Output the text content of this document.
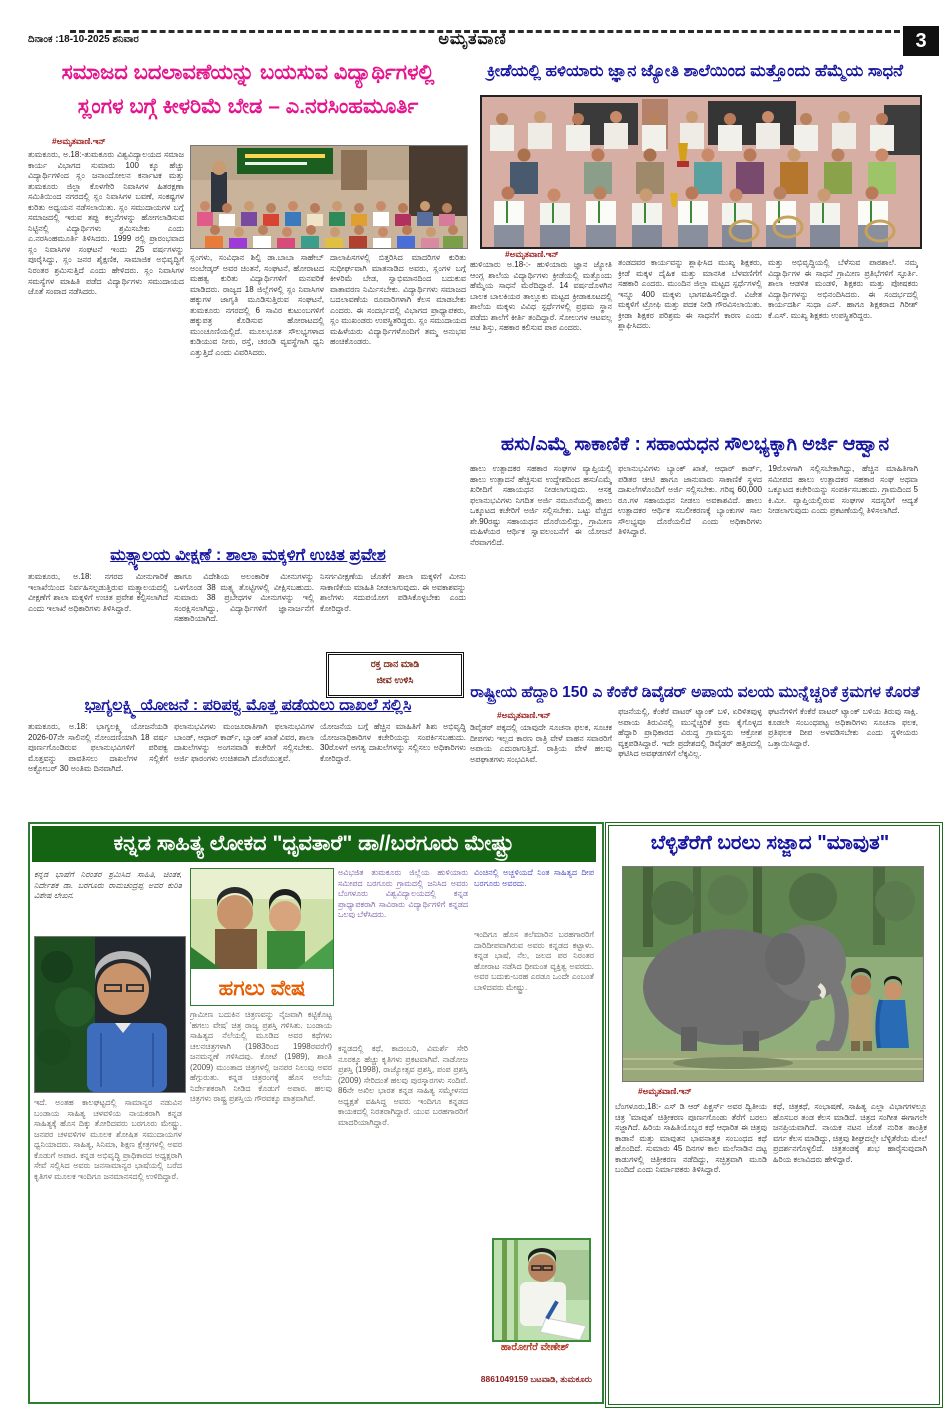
ದಿನಾಂಕ :18-10-2025 ಶನಿವಾರ	ಅಮೃತವಾಣಿ	3
ಸಮಾಜದ ಬದಲಾವಣೆಯನ್ನು ಬಯಸುವ ವಿದ್ಯಾರ್ಥಿಗಳಲ್ಲಿ
ಸ್ಲಂಗಳ ಬಗ್ಗೆ ಕೀಳರಿಮೆ ಬೇಡ – ಎ.ನರಸಿಂಹಮೂರ್ತಿ
#ಅಮೃತವಾಣಿ.ಇನ್
ತುಮಕೂರು, ಅ.18:-ತುಮಕೂರು ವಿಶ್ವವಿದ್ಯಾಲಯದ ಸಮಾಜ ಕಾರ್ಯ ವಿಭಾಗದ ಸುಮಾರು 100 ಕ್ಕೂ ಹೆಚ್ಚು ವಿದ್ಯಾರ್ಥಿಗಳಿಂದ ಸ್ಲಂ ಜನಾಂದೋಲನ ಕರ್ನಾಟಕ ಮತ್ತು ತುಮಕೂರು ಜಿಲ್ಲಾ ಕೊಳಗೇರಿ ನಿವಾಸಿಗಳ ಹಿತರಕ್ಷಣಾ ಸಮಿತಿಯಿಂದ ನಗರದಲ್ಲಿ ಸ್ಲಂ ನಿವಾಸಿಗಳ ಬವಣೆ, ಸಂಕಷ್ಟಗಳ ಕುರಿತು ಅಧ್ಯಯನ ನಡೆಸಲಾಯಿತು. ಸ್ಲಂ ಸಮುದಾಯಗಳ ಬಗ್ಗೆ ಸಮಾಜದಲ್ಲಿ ಇರುವ ತಪ್ಪು ಕಲ್ಪನೆಗಳನ್ನು ಹೋಗಲಾಡಿಸುವ ನಿಟ್ಟಿನಲ್ಲಿ ವಿದ್ಯಾರ್ಥಿಗಳು ಶ್ರಮಿಸಬೇಕು ಎಂದು ಎ.ನರಸಿಂಹಮೂರ್ತಿ ತಿಳಿಸಿದರು. 1999 ರಲ್ಲಿ ಪ್ರಾರಂಭವಾದ ಸ್ಲಂ ನಿವಾಸಿಗಳ ಸಂಘಟನೆ ಇಂದು 25 ವರ್ಷಗಳನ್ನು ಪೂರೈಸಿದ್ದು, ಸ್ಲಂ ಜನರ ಶೈಕ್ಷಣಿಕ, ಸಾಮಾಜಿಕ ಅಭಿವೃದ್ಧಿಗೆ ನಿರಂತರ ಶ್ರಮಿಸುತ್ತಿದೆ ಎಂದು ಹೇಳಿದರು. ಸ್ಲಂ ನಿವಾಸಿಗಳ ಸಮಸ್ಯೆಗಳ ಮಾಹಿತಿ ಪಡೆದ ವಿದ್ಯಾರ್ಥಿಗಳು ಸಮುದಾಯದ ಜೊತೆ ಸಂವಾದ ನಡೆಸಿದರು.
ಸ್ಲಂಗಳು, ಸಂವಿಧಾನ ಶಿಲ್ಪಿ ಡಾ.ಬಾಬಾ ಸಾಹೇಬ್ ಅಂಬೇಡ್ಕರ್ ಅವರ ಚಿಂತನೆ, ಸಂಘಟನೆ, ಹೋರಾಟದ ಮಹತ್ವ ಕುರಿತು ವಿದ್ಯಾರ್ಥಿಗಳಿಗೆ ಮನವರಿಕೆ ಮಾಡಿದರು. ರಾಜ್ಯದ 18 ಜಿಲ್ಲೆಗಳಲ್ಲಿ ಸ್ಲಂ ನಿವಾಸಿಗಳ ಹಕ್ಕುಗಳ ಜಾಗೃತಿ ಮೂಡಿಸುತ್ತಿರುವ ಸಂಘಟನೆ, ತುಮಕೂರು ನಗರದಲ್ಲಿ 6 ಸಾವಿರ ಕುಟುಂಬಗಳಿಗೆ ಹಕ್ಕುಪತ್ರ ಕೊಡಿಸುವ ಹೋರಾಟದಲ್ಲಿ ಮುಂಚೂಣಿಯಲ್ಲಿದೆ. ಮೂಲಭೂತ ಸೌಲಭ್ಯಗಳಾದ ಕುಡಿಯುವ ನೀರು, ರಸ್ತೆ, ಚರಂಡಿ ವ್ಯವಸ್ಥೆಗಾಗಿ ಧ್ವನಿ ಎತ್ತುತ್ತಿದೆ ಎಂದು ವಿವರಿಸಿದರು.
ದಾಲಾಪಿಸಗಳಲ್ಲಿ ಬಿತ್ತರಿಸಿದ ಮಾದರಿಗಳ ಕುರಿತು ಸುಧೀರ್ಘವಾಗಿ ಮಾತನಾಡಿದ ಅವರು, ಸ್ಲಂಗಳ ಬಗ್ಗೆ ಕೀಳರಿಮೆ ಬೇಡ, ಸ್ವಾಭಿಮಾನದಿಂದ ಬದುಕುವ ವಾತಾವರಣ ನಿರ್ಮಿಸಬೇಕು. ವಿದ್ಯಾರ್ಥಿಗಳು ಸಮಾಜದ ಬದಲಾವಣೆಯ ರೂವಾರಿಗಳಾಗಿ ಕೆಲಸ ಮಾಡಬೇಕು ಎಂದರು. ಈ ಸಂದರ್ಭದಲ್ಲಿ ವಿಭಾಗದ ಪ್ರಾಧ್ಯಾಪಕರು, ಸ್ಲಂ ಮುಖಂಡರು ಉಪಸ್ಥಿತರಿದ್ದರು. ಸ್ಲಂ ಸಮುದಾಯದ ಮಹಿಳೆಯರು ವಿದ್ಯಾರ್ಥಿಗಳೊಂದಿಗೆ ತಮ್ಮ ಅನುಭವ ಹಂಚಿಕೊಂಡರು.
ಕ್ರೀಡೆಯಲ್ಲಿ ಹಳಿಯಾರು ಜ್ಞಾನ ಜ್ಯೋತಿ ಶಾಲೆಯಿಂದ ಮತ್ತೊಂದು ಹೆಮ್ಮೆಯ ಸಾಧನೆ
#ಅಮೃತವಾಣಿ.ಇನ್
ಹುಳಿಯಾರು ಅ.18-:- ಹುಳಿಯಾರು ಜ್ಞಾನ ಜ್ಯೋತಿ ಆಂಗ್ಲ ಶಾಲೆಯ ವಿದ್ಯಾರ್ಥಿಗಳು ಕ್ರೀಡೆಯಲ್ಲಿ ಮತ್ತೊಂದು ಹೆಮ್ಮೆಯ ಸಾಧನೆ ಮೆರೆದಿದ್ದಾರೆ. 14 ವರ್ಷದೊಳಗಿನ ಬಾಲಕ ಬಾಲಕಿಯರ ತಾಲ್ಲೂಕು ಮಟ್ಟದ ಕ್ರೀಡಾಕೂಟದಲ್ಲಿ ಶಾಲೆಯ ಮಕ್ಕಳು ವಿವಿಧ ಸ್ಪರ್ಧೆಗಳಲ್ಲಿ ಪ್ರಥಮ ಸ್ಥಾನ ಪಡೆದು ಶಾಲೆಗೆ ಕೀರ್ತಿ ತಂದಿದ್ದಾರೆ. ಸೋಲುಗಳ ಆಟವಲ್ಲ ಆಟ ಶಿಸ್ತು, ಸಹಕಾರ ಕಲಿಸುವ ಪಾಠ ಎಂದರು.
ತಂಡದವರ ಕಾರ್ಯವನ್ನು ಶ್ಲಾಘಿಸಿದ ಮುಖ್ಯ ಶಿಕ್ಷಕರು, ಕ್ರೀಡೆ ಮಕ್ಕಳ ದೈಹಿಕ ಮತ್ತು ಮಾನಸಿಕ ಬೆಳವಣಿಗೆಗೆ ಸಹಕಾರಿ ಎಂದರು. ಮುಂದಿನ ಜಿಲ್ಲಾ ಮಟ್ಟದ ಸ್ಪರ್ಧೆಗಳಲ್ಲಿ ಇನ್ನೂ 400 ಮಕ್ಕಳು ಭಾಗವಹಿಸಲಿದ್ದಾರೆ. ವಿಜೇತ ಮಕ್ಕಳಿಗೆ ಟ್ರೋಫಿ ಮತ್ತು ಪದಕ ನೀಡಿ ಗೌರವಿಸಲಾಯಿತು. ಕ್ರೀಡಾ ಶಿಕ್ಷಕರ ಪರಿಶ್ರಮ ಈ ಸಾಧನೆಗೆ ಕಾರಣ ಎಂದು ಶ್ಲಾಘಿಸಿದರು.
ಮತ್ತು ಅಭಿವೃದ್ಧಿಯಲ್ಲಿ ಬೆಳೆಸುವ ಪಾಠಶಾಲೆ. ನಮ್ಮ ವಿದ್ಯಾರ್ಥಿಗಳ ಈ ಸಾಧನೆ ಗ್ರಾಮೀಣ ಪ್ರತಿಭೆಗಳಿಗೆ ಸ್ಫೂರ್ತಿ. ಶಾಲಾ ಆಡಳಿತ ಮಂಡಳಿ, ಶಿಕ್ಷಕರು ಮತ್ತು ಪೋಷಕರು ವಿದ್ಯಾರ್ಥಿಗಳನ್ನು ಅಭಿನಂದಿಸಿದರು. ಈ ಸಂದರ್ಭದಲ್ಲಿ ಕಾರ್ಯದರ್ಶಿ ಸುಧಾ ಎಸ್. ಹಾಗೂ ಶಿಕ್ಷಕರಾದ ಗಿರೀಶ್ ಕೆ.ಎಸ್. ಮುಖ್ಯ ಶಿಕ್ಷಕರು ಉಪಸ್ಥಿತರಿದ್ದರು.
ಹಸು/ಎಮ್ಮೆ ಸಾಕಾಣಿಕೆ : ಸಹಾಯಧನ ಸೌಲಭ್ಯಕ್ಕಾಗಿ ಅರ್ಜಿ ಆಹ್ವಾನ
ಹಾಲು ಉತ್ಪಾದಕರ ಸಹಕಾರ ಸಂಘಗಳ ವ್ಯಾಪ್ತಿಯಲ್ಲಿ ಹಾಲು ಉತ್ಪಾದನೆ ಹೆಚ್ಚಿಸುವ ಉದ್ದೇಶದಿಂದ ಹಸು/ಎಮ್ಮೆ ಖರೀದಿಗೆ ಸಹಾಯಧನ ನೀಡಲಾಗುವುದು. ಆಸಕ್ತ ಫಲಾನುಭವಿಗಳು ನಿಗದಿತ ಅರ್ಜಿ ನಮೂನೆಯಲ್ಲಿ ಹಾಲು ಒಕ್ಕೂಟದ ಕಚೇರಿಗೆ ಅರ್ಜಿ ಸಲ್ಲಿಸಬೇಕು. ಒಟ್ಟು ವೆಚ್ಚದ ಶೇ.90ರಷ್ಟು ಸಹಾಯಧನ ದೊರೆಯಲಿದ್ದು, ಗ್ರಾಮೀಣ ಮಹಿಳೆಯರ ಆರ್ಥಿಕ ಸ್ವಾವಲಂಬನೆಗೆ ಈ ಯೋಜನೆ ನೆರವಾಗಲಿದೆ.
ಫಲಾನುಭವಿಗಳು ಬ್ಯಾಂಕ್ ಖಾತೆ, ಆಧಾರ್ ಕಾರ್ಡ್, ಪಡಿತರ ಚೀಟಿ ಹಾಗೂ ಜಾನುವಾರು ಸಾಕಾಣಿಕೆ ಸ್ಥಳದ ದಾಖಲೆಗಳೊಂದಿಗೆ ಅರ್ಜಿ ಸಲ್ಲಿಸಬೇಕು. ಗರಿಷ್ಠ 60,000 ರೂ.ಗಳ ಸಹಾಯಧನ ನೀಡಲು ಅವಕಾಶವಿದೆ. ಹಾಲು ಉತ್ಪಾದಕರ ಆರ್ಥಿಕ ಸಬಲೀಕರಣಕ್ಕೆ ಬ್ಯಾಂಕುಗಳ ಸಾಲ ಸೌಲಭ್ಯವೂ ದೊರೆಯಲಿದೆ ಎಂದು ಅಧಿಕಾರಿಗಳು ತಿಳಿಸಿದ್ದಾರೆ.
19ರೊಳಗಾಗಿ ಸಲ್ಲಿಸಬೇಕಾಗಿದ್ದು, ಹೆಚ್ಚಿನ ಮಾಹಿತಿಗಾಗಿ ಸಮೀಪದ ಹಾಲು ಉತ್ಪಾದಕರ ಸಹಕಾರ ಸಂಘ ಅಥವಾ ಒಕ್ಕೂಟದ ಕಚೇರಿಯನ್ನು ಸಂಪರ್ಕಿಸಬಹುದು. ಗ್ರಾಮದಿಂದ 5 ಕಿ.ಮೀ. ವ್ಯಾಪ್ತಿಯಲ್ಲಿರುವ ಸಂಘಗಳ ಸದಸ್ಯರಿಗೆ ಆದ್ಯತೆ ನೀಡಲಾಗುವುದು ಎಂದು ಪ್ರಕಟಣೆಯಲ್ಲಿ ತಿಳಿಸಲಾಗಿದೆ.
ಮತ್ಸ್ಯಾಲಯ ವೀಕ್ಷಣೆ : ಶಾಲಾ ಮಕ್ಕಳಿಗೆ ಉಚಿತ ಪ್ರವೇಶ
ತುಮಕೂರು, ಅ.18: ನಗರದ ಮೀನುಗಾರಿಕೆ ಇಲಾಖೆಯಿಂದ ನಿರ್ವಹಿಸಲ್ಪಡುತ್ತಿರುವ ಮತ್ಸ್ಯಾಲಯದಲ್ಲಿ ವೀಕ್ಷಣೆಗೆ ಶಾಲಾ ಮಕ್ಕಳಿಗೆ ಉಚಿತ ಪ್ರವೇಶ ಕಲ್ಪಿಸಲಾಗಿದೆ ಎಂದು ಇಲಾಖೆ ಅಧಿಕಾರಿಗಳು ತಿಳಿಸಿದ್ದಾರೆ.
ಹಾಗೂ ವಿದೇಶಿಯ ಅಲಂಕಾರಿಕ ಮೀನುಗಳನ್ನು ಒಳಗೊಂಡ 38 ಮತ್ಸ್ಯ ತೊಟ್ಟಿಗಳಲ್ಲಿ ವೀಕ್ಷಿಸಬಹುದು. ಸುಮಾರು 38 ಪ್ರಬೇಧಗಳ ಮೀನುಗಳನ್ನು ಇಲ್ಲಿ ಸಂರಕ್ಷಿಸಲಾಗಿದ್ದು, ವಿದ್ಯಾರ್ಥಿಗಳಿಗೆ ಜ್ಞಾನಾರ್ಜನೆಗೆ ಸಹಕಾರಿಯಾಗಿದೆ.
ನಿಸರ್ಗವೀಕ್ಷಣೆಯ ಜೊತೆಗೆ ಶಾಲಾ ಮಕ್ಕಳಿಗೆ ಮೀನು ಸಾಕಾಣಿಕೆಯ ಮಾಹಿತಿ ನೀಡಲಾಗುವುದು. ಈ ಅವಕಾಶವನ್ನು ಶಾಲೆಗಳು ಸದುಪಯೋಗ ಪಡಿಸಿಕೊಳ್ಳಬೇಕು ಎಂದು ಕೋರಿದ್ದಾರೆ.
ರಕ್ತ ದಾನ ಮಾಡಿ
ಜೀವ ಉಳಿಸಿ
ಭಾಗ್ಯಲಕ್ಷ್ಮಿ ಯೋಜನೆ : ಪರಿಪಕ್ವ ಮೊತ್ತ ಪಡೆಯಲು ದಾಖಲೆ ಸಲ್ಲಿಸಿ
ತುಮಕೂರು, ಅ.18: ಭಾಗ್ಯಲಕ್ಷ್ಮಿ ಯೋಜನೆಯಡಿ 2026-07ನೇ ಸಾಲಿನಲ್ಲಿ ನೋಂದಣಿಯಾಗಿ 18 ವರ್ಷ ಪೂರ್ಣಗೊಂಡಿರುವ ಫಲಾನುಭವಿಗಳಿಗೆ ಪರಿಪಕ್ವ ಮೊತ್ತವನ್ನು ಪಾವತಿಸಲು ದಾಖಲೆಗಳ ಸಲ್ಲಿಕೆಗೆ ಅಕ್ಟೋಬರ್ 30 ಅಂತಿಮ ದಿನವಾಗಿದೆ.
ಫಲಾನುಭವಿಗಳು ಮಂಜೂರಾತಿಗಾಗಿ ಫಲಾನುಭವಿಗಳ ಬಾಂಡ್, ಆಧಾರ್ ಕಾರ್ಡ್, ಬ್ಯಾಂಕ್ ಖಾತೆ ವಿವರ, ಶಾಲಾ ದಾಖಲೆಗಳನ್ನು ಅಂಗನವಾಡಿ ಕಚೇರಿಗೆ ಸಲ್ಲಿಸಬೇಕು. ಅರ್ಜಿ ಫಾರಂಗಳು ಉಚಿತವಾಗಿ ದೊರೆಯುತ್ತವೆ.
ಯೋಜನೆಯ ಬಗ್ಗೆ ಹೆಚ್ಚಿನ ಮಾಹಿತಿಗೆ ಶಿಶು ಅಭಿವೃದ್ಧಿ ಯೋಜನಾಧಿಕಾರಿಗಳ ಕಚೇರಿಯನ್ನು ಸಂಪರ್ಕಿಸಬಹುದು. 30ರೊಳಗೆ ಅಗತ್ಯ ದಾಖಲೆಗಳನ್ನು ಸಲ್ಲಿಸಲು ಅಧಿಕಾರಿಗಳು ಕೋರಿದ್ದಾರೆ.
ರಾಷ್ಟ್ರೀಯ ಹೆದ್ದಾರಿ 150 ಎ ಕೆಂಕೆರೆ ಡಿವೈಡರ್ ಅಪಾಯ ವಲಯ ಮುನ್ನೆಚ್ಚರಿಕೆ ಕ್ರಮಗಳ ಕೊರತೆ
#ಅಮೃತವಾಣಿ.ಇನ್
ಡಿವೈಡರ್ ಪಕ್ಕದಲ್ಲಿ ಯಾವುದೇ ಸೂಚನಾ ಫಲಕ, ಸೂಚಕ ದೀಪಗಳು ಇಲ್ಲದ ಕಾರಣ ರಾತ್ರಿ ವೇಳೆ ವಾಹನ ಸವಾರರಿಗೆ ಅಪಾಯ ಎದುರಾಗುತ್ತಿದೆ. ರಾತ್ರಿಯ ವೇಳೆ ಹಲವು ಅಪಘಾತಗಳು ಸಂಭವಿಸಿವೆ.
ಫಜನೆಯಲ್ಲಿ, ಕೆಂಕೆರೆ ವಾಟರ್ ಟ್ಯಾಂಕ್ ಬಳಿ, ಏರಿಳಿತವುಳ್ಳ ಅಪಾಯ ತಿರುವಿನಲ್ಲಿ ಮುನ್ನೆಚ್ಚರಿಕೆ ಕ್ರಮ ಕೈಗೊಳ್ಳದ ಹೆದ್ದಾರಿ ಪ್ರಾಧಿಕಾರದ ವಿರುದ್ಧ ಗ್ರಾಮಸ್ಥರು ಆಕ್ರೋಶ ವ್ಯಕ್ತಪಡಿಸಿದ್ದಾರೆ. ಇದೇ ಪ್ರದೇಶದಲ್ಲಿ ಡಿವೈಡರ್ ಹತ್ತಿರದಲ್ಲಿ ಘಟಿಸಿದ ಅವಘಡಗಳಿಗೆ ಲೆಕ್ಕವಿಲ್ಲ.
ಘಟನೆಗಳಿಗೆ ಕೆಂಕೆರೆ ವಾಟರ್ ಟ್ಯಾಂಕ್ ಬಳಿಯ ತಿರುವು ಸಾಕ್ಷಿ. ಕೂಡಲೇ ಸಂಬಂಧಪಟ್ಟ ಅಧಿಕಾರಿಗಳು ಸೂಚನಾ ಫಲಕ, ಪ್ರತಿಫಲಕ ದೀಪ ಅಳವಡಿಸಬೇಕು ಎಂದು ಸ್ಥಳೀಯರು ಒತ್ತಾಯಿಸಿದ್ದಾರೆ.
ಕನ್ನಡ ಸಾಹಿತ್ಯ ಲೋಕದ "ಧೃವತಾರೆ" ಡಾ//ಬರಗೂರು ಮೇಷ್ಟ್ರು
ಕನ್ನಡ ಭಾಷೆಗೆ ನಿರಂತರ ಶ್ರಮಿಸಿದ ಸಾಹಿತಿ, ಚಿಂತಕ, ನಿರ್ದೇಶಕ ಡಾ. ಬರಗೂರು ರಾಮಚಂದ್ರಪ್ಪ ಅವರ ಕುರಿತ ವಿಶೇಷ ಲೇಖನ.
ಇದೆ. ಅಂತಹ ಕಾಲಘಟ್ಟದಲ್ಲಿ ಸಾಮಾನ್ಯರ ನಡುವಿನ ಬಂಡಾಯ ಸಾಹಿತ್ಯ ಚಳವಳಿಯ ನಾಯಕರಾಗಿ ಕನ್ನಡ ಸಾಹಿತ್ಯಕ್ಕೆ ಹೊಸ ದಿಕ್ಕು ತೋರಿದವರು ಬರಗೂರು ಮೇಷ್ಟ್ರು. ಜನಪರ ಚಳವಳಿಗಳ ಮೂಲಕ ಶೋಷಿತ ಸಮುದಾಯಗಳ ಧ್ವನಿಯಾದರು. ಸಾಹಿತ್ಯ, ಸಿನಿಮಾ, ಶಿಕ್ಷಣ ಕ್ಷೇತ್ರಗಳಲ್ಲಿ ಅವರ ಕೊಡುಗೆ ಅಪಾರ. ಕನ್ನಡ ಅಭಿವೃದ್ಧಿ ಪ್ರಾಧಿಕಾರದ ಅಧ್ಯಕ್ಷರಾಗಿ ಸೇವೆ ಸಲ್ಲಿಸಿದ ಅವರು ಜನಸಾಮಾನ್ಯರ ಭಾಷೆಯಲ್ಲಿ ಬರೆದ ಕೃತಿಗಳ ಮೂಲಕ ಇಂದಿಗೂ ಜನಮಾನಸದಲ್ಲಿ ಉಳಿದಿದ್ದಾರೆ.
ಹಗಲು ವೇಷ
ಗ್ರಾಮೀಣ ಬದುಕಿನ ಚಿತ್ರಣವನ್ನು ನೈಜವಾಗಿ ಕಟ್ಟಿಕೊಟ್ಟ 'ಹಗಲು ವೇಷ' ಚಿತ್ರ ರಾಜ್ಯ ಪ್ರಶಸ್ತಿ ಗಳಿಸಿತು. ಬಂಡಾಯ ಸಾಹಿತ್ಯದ ನೆಲೆಯಲ್ಲಿ ಮೂಡಿದ ಅವರ ಕಥೆಗಳು ಚಲನಚಿತ್ರಗಳಾಗಿ (1983ರಿಂದ 1998ರವರೆಗೆ) ಜನಮನ್ನಣೆ ಗಳಿಸಿದವು. ಕೋಟೆ (1989), ಶಾಂತಿ (2009) ಮುಂತಾದ ಚಿತ್ರಗಳಲ್ಲಿ ಜನಪರ ನಿಲುವು ಅವರ ಹೆಗ್ಗುರುತು. ಕನ್ನಡ ಚಿತ್ರರಂಗಕ್ಕೆ ಹೊಸ ಅಲೆಯ ನಿರ್ದೇಶಕರಾಗಿ ನೀಡಿದ ಕೊಡುಗೆ ಅಪಾರ. ಹಲವು ಚಿತ್ರಗಳು ರಾಷ್ಟ್ರ ಪ್ರಶಸ್ತಿಯ ಗೌರವಕ್ಕೂ ಪಾತ್ರವಾಗಿವೆ.
ಅವಿಭಜಿತ ತುಮಕೂರು ಜಿಲ್ಲೆಯ ಹುಳಿಯಾರು ಸಮೀಪದ ಬರಗೂರು ಗ್ರಾಮದಲ್ಲಿ ಜನಿಸಿದ ಅವರು ಬೆಂಗಳೂರು ವಿಶ್ವವಿದ್ಯಾಲಯದಲ್ಲಿ ಕನ್ನಡ ಪ್ರಾಧ್ಯಾಪಕರಾಗಿ ಸಾವಿರಾರು ವಿದ್ಯಾರ್ಥಿಗಳಿಗೆ ಕನ್ನಡದ ಒಲವು ಬೆಳೆಸಿದರು.
ಕನ್ನಡದಲ್ಲಿ ಕಥೆ, ಕಾದಂಬರಿ, ವಿಮರ್ಶೆ ಸೇರಿ ನೂರಕ್ಕೂ ಹೆಚ್ಚು ಕೃತಿಗಳು ಪ್ರಕಟವಾಗಿವೆ. ನಾಡೋಜ ಪ್ರಶಸ್ತಿ (1998), ರಾಜ್ಯೋತ್ಸವ ಪ್ರಶಸ್ತಿ, ಪಂಪ ಪ್ರಶಸ್ತಿ (2009) ಸೇರಿದಂತೆ ಹಲವು ಪುರಸ್ಕಾರಗಳು ಸಂದಿವೆ. 86ನೇ ಅಖಿಲ ಭಾರತ ಕನ್ನಡ ಸಾಹಿತ್ಯ ಸಮ್ಮೇಳನದ ಅಧ್ಯಕ್ಷತೆ ವಹಿಸಿದ್ದ ಅವರು ಇಂದಿಗೂ ಕನ್ನಡದ ಕಾಯಕದಲ್ಲಿ ನಿರತರಾಗಿದ್ದಾರೆ. ಯುವ ಬರಹಗಾರರಿಗೆ ಮಾದರಿಯಾಗಿದ್ದಾರೆ.
ವಿಂಚಿನಲ್ಲಿ ಅಚ್ಚಳಿಯದೆ ನಿಂತ ಸಾಹಿತ್ಯದ ದೀಪ ಬರಗೂರು ಅವರದು.
ಇಂದಿಗೂ ಹೊಸ ತಲೆಮಾರಿನ ಬರಹಗಾರರಿಗೆ ದಾರಿದೀಪವಾಗಿರುವ ಅವರು ಕನ್ನಡದ ಕಟ್ಟಾಳು. ಕನ್ನಡ ಭಾಷೆ, ನೆಲ, ಜಲದ ಪರ ನಿರಂತರ ಹೋರಾಟ ನಡೆಸಿದ ಧೀಮಂತ ವ್ಯಕ್ತಿತ್ವ ಅವರದು. ಅವರ ಬದುಕು-ಬರಹ ಎರಡೂ ಒಂದೇ ಎಂಬಂತೆ ಬಾಳಿದವರು ಮೇಷ್ಟ್ರು.
ಹಾರೋಗೆರೆ ವೇಣೇಶ್
8861049159 ಬಟವಾಡಿ, ತುಮಕೂರು
ಬೆಳ್ಳಿತೆರೆಗೆ ಬರಲು ಸಜ್ಜಾದ "ಮಾವುತ"
#ಅಮೃತವಾಣಿ.ಇನ್
ಬೆಂಗಳೂರು,18:- ಎಸ್ ಡಿ ಆರ್ ಪಿಕ್ಚರ್ಸ್ ಅವರ ದ್ವಿತೀಯ ಚಿತ್ರ 'ಮಾವುತ' ಚಿತ್ರೀಕರಣ ಪೂರ್ಣಗೊಂಡು ತೆರೆಗೆ ಬರಲು ಸಜ್ಜಾಗಿದೆ. ಹಿರಿಯ ಸಾಹಿತಿಯೊಬ್ಬರ ಕಥೆ ಆಧಾರಿತ ಈ ಚಿತ್ರವು ಕಾಡಾನೆ ಮತ್ತು ಮಾವುತನ ಭಾವನಾತ್ಮಕ ಸಂಬಂಧದ ಕಥೆ ಹೊಂದಿದೆ. ಸುಮಾರು 45 ದಿನಗಳ ಕಾಲ ಮಲೆನಾಡಿನ ದಟ್ಟ ಕಾಡುಗಳಲ್ಲಿ ಚಿತ್ರೀಕರಣ ನಡೆದಿದ್ದು, ಸಚ್ಛಿತ್ರವಾಗಿ ಮೂಡಿ ಬಂದಿದೆ ಎಂದು ನಿರ್ಮಾಪಕರು ತಿಳಿಸಿದ್ದಾರೆ.
ಕಥೆ, ಚಿತ್ರಕಥೆ, ಸಂಭಾಷಣೆ, ಸಾಹಿತ್ಯ ಎಲ್ಲಾ ವಿಭಾಗಗಳಲ್ಲೂ ಹೊಸಬರ ತಂಡ ಕೆಲಸ ಮಾಡಿದೆ. ಚಿತ್ರದ ಸಂಗೀತ ಈಗಾಗಲೇ ಜನಪ್ರಿಯವಾಗಿದೆ. ನಾಯಕ ನಟನ ಜೊತೆ ನುರಿತ ತಾಂತ್ರಿಕ ವರ್ಗ ಕೆಲಸ ಮಾಡಿದ್ದು, ಚಿತ್ರವು ಶೀಘ್ರದಲ್ಲೇ ಬೆಳ್ಳಿತೆರೆಯ ಮೇಲೆ ಪ್ರದರ್ಶನಗೊಳ್ಳಲಿದೆ. ಚಿತ್ರತಂಡಕ್ಕೆ ಶುಭ ಹಾರೈಸುವುದಾಗಿ ಹಿರಿಯ ಕಲಾವಿದರು ಹೇಳಿದ್ದಾರೆ.
